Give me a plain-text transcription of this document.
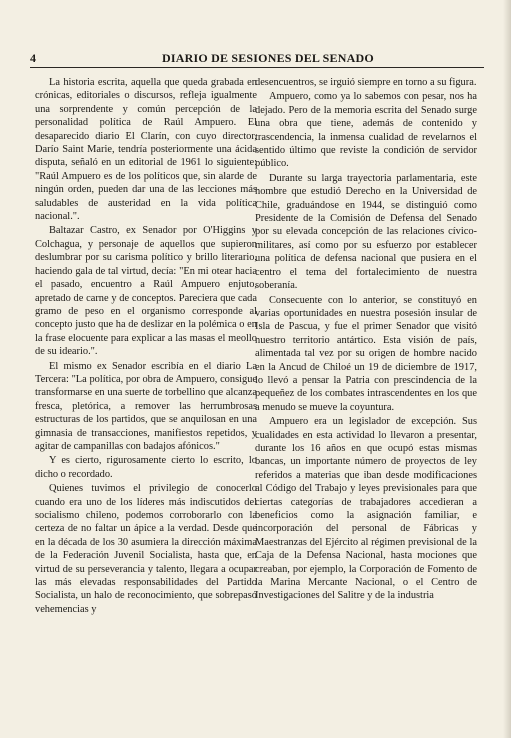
4	DIARIO DE SESIONES DEL SENADO

La historia escrita, aquella que queda grabada en crónicas, editoriales o discursos, refleja igualmente una sorprendente y común percepción de la personalidad política de Raúl Ampuero. El desaparecido diario El Clarín, con cuyo director, Darío Saint Marie, tendría posteriormente una ácida disputa, señaló en un editorial de 1961 lo siguiente: "Raúl Ampuero es de los políticos que, sin alarde de ningún orden, pueden dar una de las lecciones más saludables de austeridad en la vida política nacional.".

Baltazar Castro, ex Senador por O'Higgins y Colchagua, y personaje de aquellos que supieron deslumbrar por su carisma político y brillo literario, haciendo gala de tal virtud, decía: "En mi otear hacia el pasado, encuentro a Raúl Ampuero enjuto, apretado de carne y de conceptos. Pareciera que cada gramo de peso en el organismo corresponde al concepto justo que ha de deslizar en la polémica o en la frase elocuente para explicar a las masas el meollo de su ideario.".

El mismo ex Senador escribía en el diario La Tercera: "La política, por obra de Ampuero, consigue transformarse en una suerte de torbellino que alcanza fresca, pletórica, a remover las herrumbrosas estructuras de los partidos, que se anquilosan en una gimnasia de transacciones, manifiestos repetidos, y agitar de campanillas con badajos afónicos."

Y es cierto, rigurosamente cierto lo escrito, lo dicho o recordado.

Quienes tuvimos el privilegio de conocerlo cuando era uno de los líderes más indiscutidos del socialismo chileno, podemos corroborarlo con la certeza de no faltar un ápice a la verdad. Desde que en la década de los 30 asumiera la dirección máxima de la Federación Juvenil Socialista, hasta que, en virtud de su perseverancia y talento, llegara a ocupar las más elevadas responsabilidades del Partido Socialista, un halo de reconocimiento, que sobrepasó vehemencias y

desencuentros, se irguió siempre en torno a su figura.

Ampuero, como ya lo sabemos con pesar, nos ha dejado. Pero de la memoria escrita del Senado surge una obra que tiene, además de contenido y trascendencia, la inmensa cualidad de revelarnos el sentido último que reviste la condición de servidor público.

Durante su larga trayectoria parlamentaria, este hombre que estudió Derecho en la Universidad de Chile, graduándose en 1944, se distinguió como Presidente de la Comisión de Defensa del Senado por su elevada concepción de las relaciones cívico-militares, así como por su esfuerzo por establecer una política de defensa nacional que pusiera en el centro el tema del fortalecimiento de nuestra soberanía.

Consecuente con lo anterior, se constituyó en varias oportunidades en nuestra posesión insular de Isla de Pascua, y fue el primer Senador que visitó nuestro territorio antártico. Esta visión de país, alimentada tal vez por su origen de hombre nacido en la Ancud de Chiloé un 19 de diciembre de 1917, lo llevó a pensar la Patria con prescindencia de la pequeñez de los combates intrascendentes en los que a menudo se mueve la coyuntura.

Ampuero era un legislador de excepción. Sus cualidades en esta actividad lo llevaron a presentar, durante los 16 años en que ocupó estas mismas bancas, un importante número de proyectos de ley referidos a materias que iban desde modificaciones al Código del Trabajo y leyes previsionales para que ciertas categorías de trabajadores accedieran a beneficios como la asignación familiar, e incorporación del personal de Fábricas y Maestranzas del Ejército al régimen previsional de la Caja de la Defensa Nacional, hasta mociones que creaban, por ejemplo, la Corporación de Fomento de la Marina Mercante Nacional, o el Centro de Investigaciones del Salitre y de la industria
